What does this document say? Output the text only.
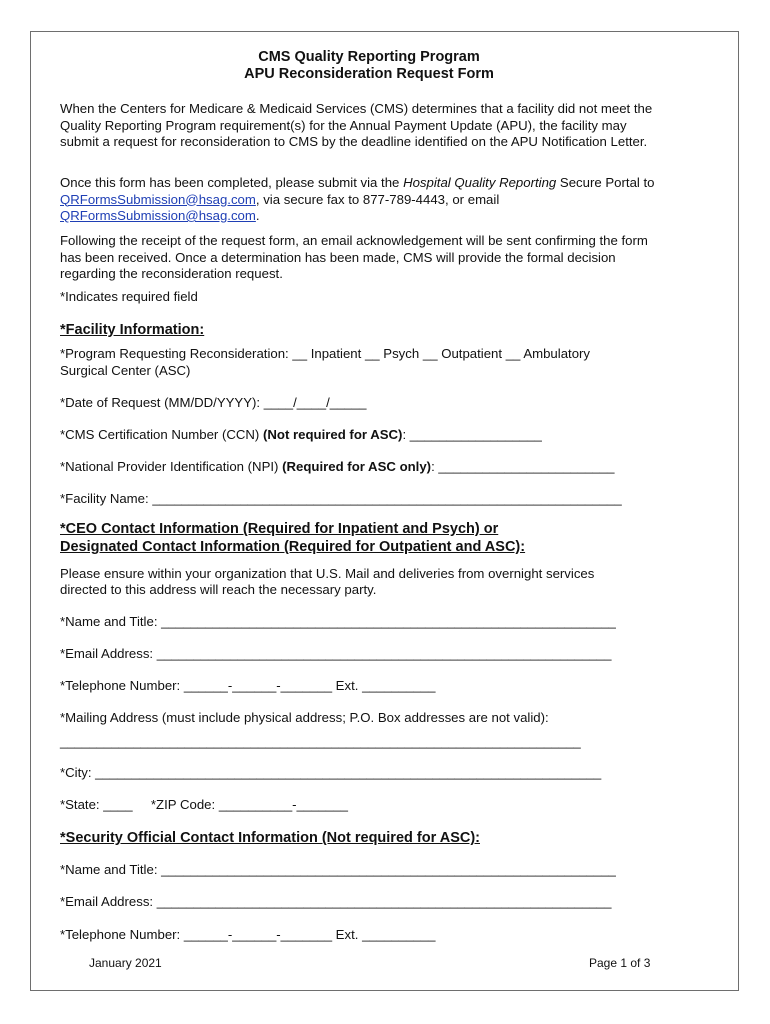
CMS Quality Reporting Program
APU Reconsideration Request Form

When the Centers for Medicare & Medicaid Services (CMS) determines that a facility did not meet the Quality Reporting Program requirement(s) for the Annual Payment Update (APU), the facility may submit a request for reconsideration to CMS by the deadline identified on the APU Notification Letter.

Once this form has been completed, please submit via the Hospital Quality Reporting Secure Portal to QRFormsSubmission@hsag.com, via secure fax to 877-789-4443, or email QRFormsSubmission@hsag.com.

Following the receipt of the request form, an email acknowledgement will be sent confirming the form has been received. Once a determination has been made, CMS will provide the formal decision regarding the reconsideration request.

*Indicates required field

*Facility Information:
*Program Requesting Reconsideration: __ Inpatient __ Psych __ Outpatient __ Ambulatory
Surgical Center (ASC)
*Date of Request (MM/DD/YYYY): ____/____/_____
*CMS Certification Number (CCN) (Not required for ASC): __________________
*National Provider Identification (NPI) (Required for ASC only): ________________________
*Facility Name: ________________________________________________________________
*CEO Contact Information (Required for Inpatient and Psych) or
Designated Contact Information (Required for Outpatient and ASC):
Please ensure within your organization that U.S. Mail and deliveries from overnight services
directed to this address will reach the necessary party.
*Name and Title: ______________________________________________________________
*Email Address: ______________________________________________________________
*Telephone Number: ______-______-_______ Ext. __________
*Mailing Address (must include physical address; P.O. Box addresses are not valid):
_______________________________________________________________________
*City: _____________________________________________________________________
*State: ____     *ZIP Code: __________-_______
*Security Official Contact Information (Not required for ASC):
*Name and Title: ______________________________________________________________
*Email Address: ______________________________________________________________
*Telephone Number: ______-______-_______ Ext. __________
January 2021	Page 1 of 3
